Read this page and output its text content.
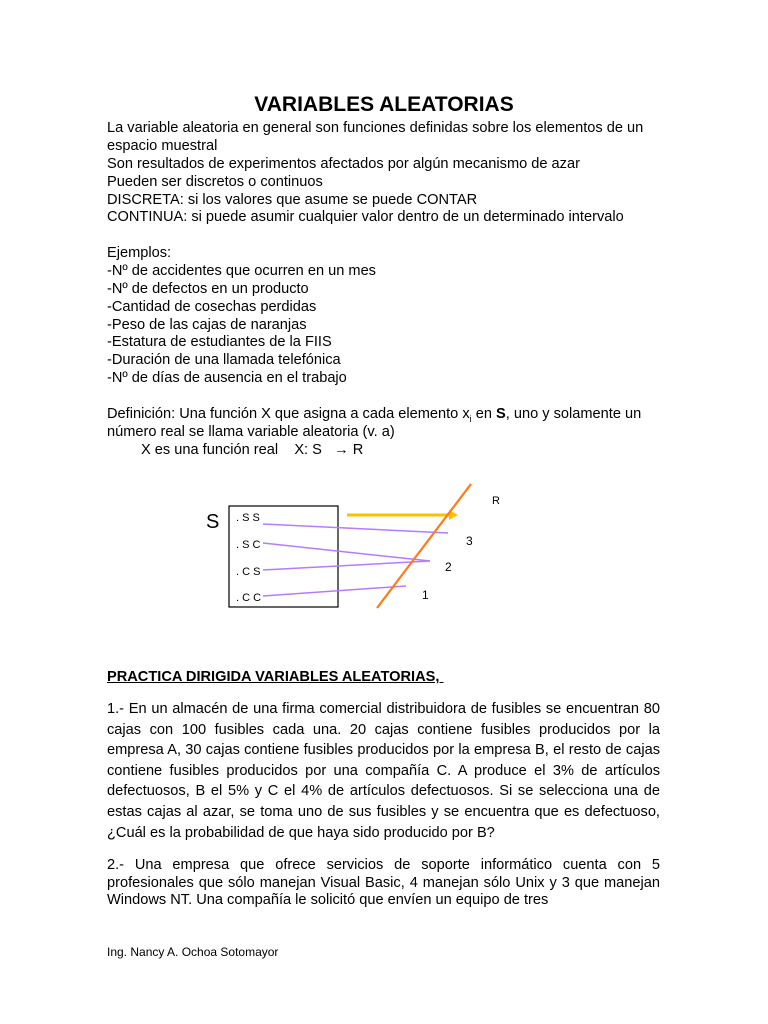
VARIABLES ALEATORIAS
La variable aleatoria en general son funciones definidas sobre los elementos de un
espacio muestral
Son resultados de experimentos afectados por algún mecanismo de azar
Pueden ser discretos o continuos
DISCRETA: si los valores que asume se puede CONTAR
CONTINUA: si puede asumir cualquier valor dentro de un determinado intervalo
Ejemplos:
-Nº de accidentes que ocurren en un mes
-Nº de defectos en un producto
-Cantidad de cosechas perdidas
-Peso de las cajas de naranjas
-Estatura de estudiantes de la FIIS
-Duración de una llamada telefónica
-Nº de días de ausencia en el trabajo
Definición: Una función X que asigna a cada elemento $x_i$ en S, uno y solamente un
número real se llama variable aleatoria (v. a)
X es una función real    X: S   → R
S . S S
. S C
. C S
. C C
R
3
2
1
PRACTICA DIRIGIDA VARIABLES ALEATORIAS,
1.- En un almacén de una firma comercial distribuidora de fusibles se encuentran 80 cajas con 100 fusibles cada una. 20 cajas contiene fusibles producidos por la empresa A, 30 cajas contiene fusibles producidos por la empresa B, el resto de cajas contiene fusibles producidos por una compañía C. A produce el 3% de artículos defectuosos, B el 5% y C el 4% de artículos defectuosos. Si se selecciona una de estas cajas al azar, se toma uno de sus fusibles y se encuentra que es defectuoso, ¿Cuál es la probabilidad de que haya sido producido por B?
2.- Una empresa que ofrece servicios de soporte informático cuenta con 5 profesionales que sólo manejan Visual Basic, 4 manejan sólo Unix y 3 que manejan Windows NT. Una compañía le solicitó que envíen un equipo de tres
Ing. Nancy A. Ochoa Sotomayor
